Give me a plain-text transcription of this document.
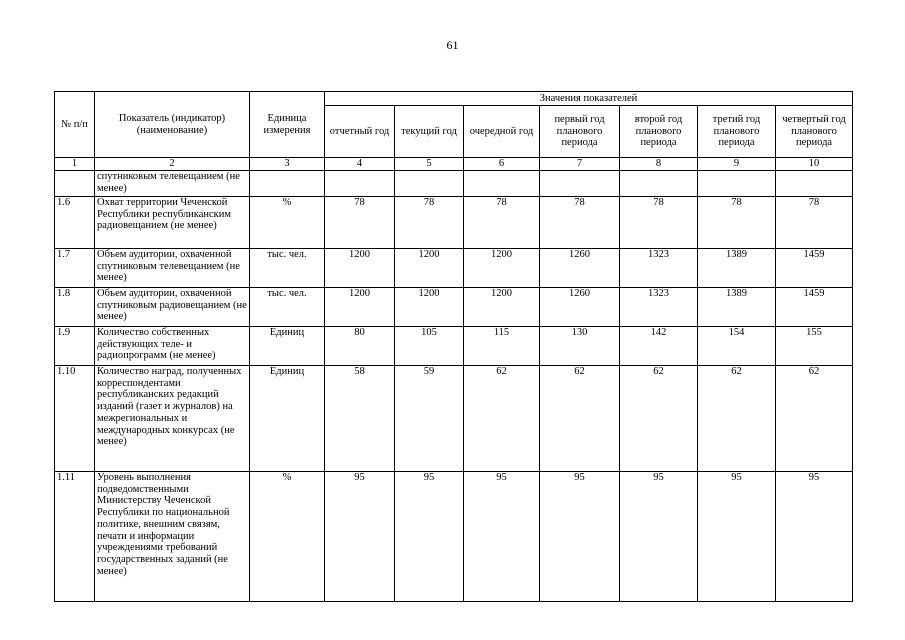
61
№ п/п	Показатель (индикатор) (наименование)	Единица измерения	Значения показателей						
			отчетный год	текущий год	очередной год	первый год планового периода	второй год планового периода	третий год планового периода	четвертый год планового периода
1	2	3	4	5	6	7	8	9	10
	спутниковым телевещанием (не менее)								
1.6	Охват территории Чеченской Республики республиканским радиовещанием (не менее)	%	78	78	78	78	78	78	78
1.7	Объем аудитории, охваченной спутниковым телевещанием (не менее)	тыс. чел.	1200	1200	1200	1260	1323	1389	1459
1.8	Объем аудитории, охваченной спутниковым радиовещанием (не менее)	тыс. чел.	1200	1200	1200	1260	1323	1389	1459
1.9	Количество собственных действующих теле- и радиопрограмм (не менее)	Единиц	80	105	115	130	142	154	155
1.10	Количество наград, полученных корреспондентами республиканских редакций изданий (газет и журналов) на межрегиональных и международных конкурсах (не менее)	Единиц	58	59	62	62	62	62	62
1.11	Уровень выполнения подведомственными Министерству Чеченской Республики по национальной политике, внешним связям, печати и информации учреждениями требований государственных заданий (не менее)	%	95	95	95	95	95	95	95
